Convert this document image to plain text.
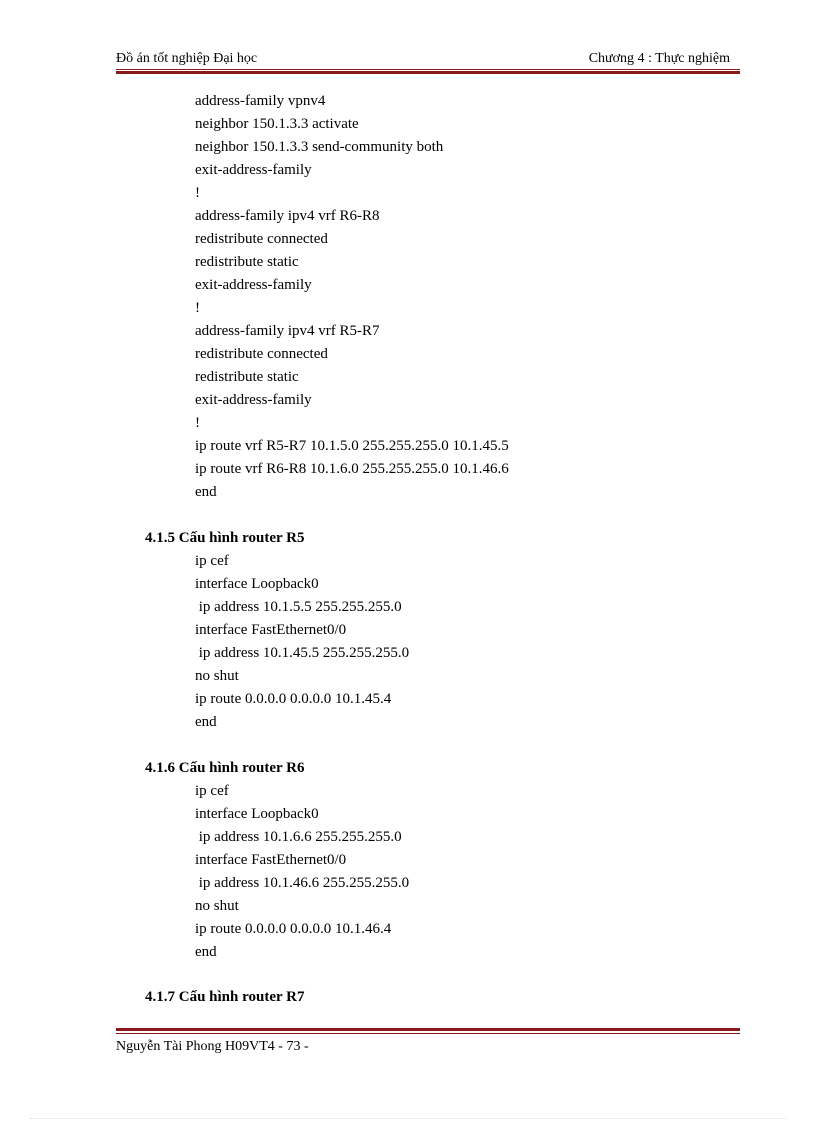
Đồ án tốt nghiệp Đại học	Chương 4 : Thực nghiệm
address-family vpnv4
neighbor 150.1.3.3 activate
neighbor 150.1.3.3 send-community both
exit-address-family
!
address-family ipv4 vrf R6-R8
redistribute connected
redistribute static
exit-address-family
!
address-family ipv4 vrf R5-R7
redistribute connected
redistribute static
exit-address-family
!
ip route vrf R5-R7 10.1.5.0 255.255.255.0 10.1.45.5
ip route vrf R6-R8 10.1.6.0 255.255.255.0 10.1.46.6
end
4.1.5 Cấu hình router R5
ip cef
interface Loopback0
ip address 10.1.5.5 255.255.255.0
interface FastEthernet0/0
ip address 10.1.45.5 255.255.255.0
no shut
ip route 0.0.0.0 0.0.0.0 10.1.45.4
end
4.1.6 Cấu hình router R6
ip cef
interface Loopback0
ip address 10.1.6.6 255.255.255.0
interface FastEthernet0/0
ip address 10.1.46.6 255.255.255.0
no shut
ip route 0.0.0.0 0.0.0.0 10.1.46.4
end
4.1.7 Cấu hình router R7
Nguyễn Tài Phong H09VT4 - 73 -
